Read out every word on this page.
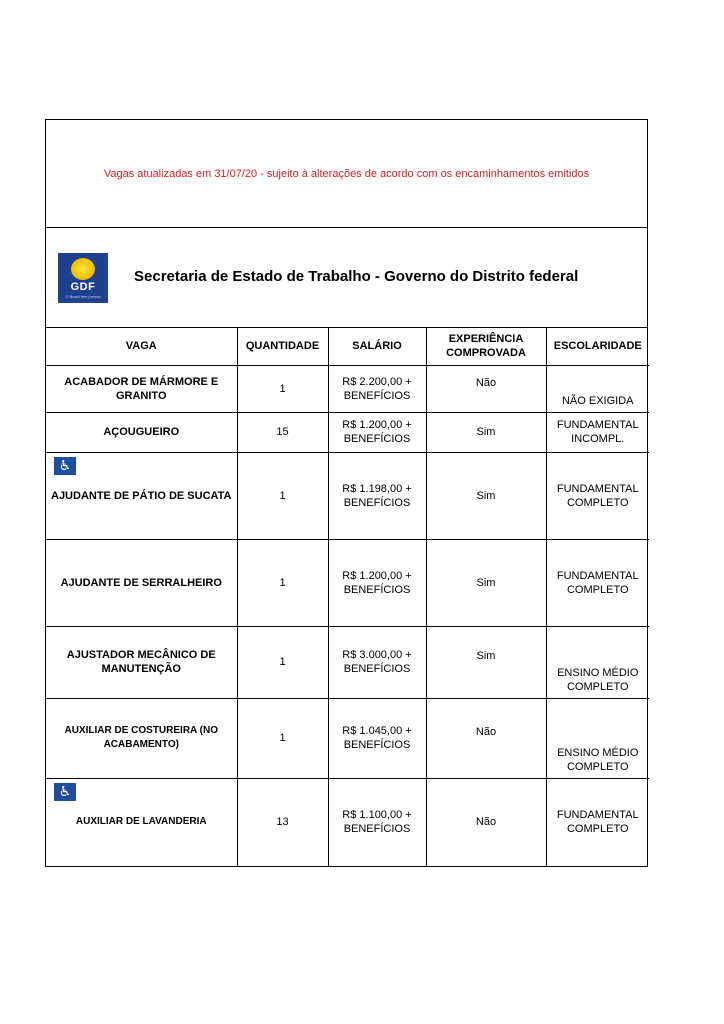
Vagas atualizadas em 31/07/20 - sujeito à alterações de acordo com os encaminhamentos emitidos
GDF
O Brasil tem pressa
Secretaria de Estado de Trabalho - Governo do Distrito federal
VAGA	QUANTIDADE	SALÁRIO	EXPERIÊNCIA COMPROVADA	ESCOLARIDADE
ACABADOR DE MÁRMORE E GRANITO	1	R$ 2.200,00 + BENEFÍCIOS	Não	NÃO EXIGIDA
AÇOUGUEIRO	15	R$ 1.200,00 + BENEFÍCIOS	Sim	FUNDAMENTAL INCOMPL.

♿
AJUDANTE DE PÁTIO DE SUCATA	1	R$ 1.198,00 + BENEFÍCIOS	Sim	FUNDAMENTAL COMPLETO
AJUDANTE DE SERRALHEIRO	1	R$ 1.200,00 + BENEFÍCIOS	Sim	FUNDAMENTAL COMPLETO
AJUSTADOR MECÂNICO DE MANUTENÇÃO	1	R$ 3.000,00 + BENEFÍCIOS	Sim	ENSINO MÉDIO COMPLETO
AUXILIAR DE COSTUREIRA (NO ACABAMENTO)	1	R$ 1.045,00 + BENEFÍCIOS	Não	ENSINO MÉDIO COMPLETO

♿
AUXILIAR DE LAVANDERIA	13	R$ 1.100,00 + BENEFÍCIOS	Não	FUNDAMENTAL COMPLETO
